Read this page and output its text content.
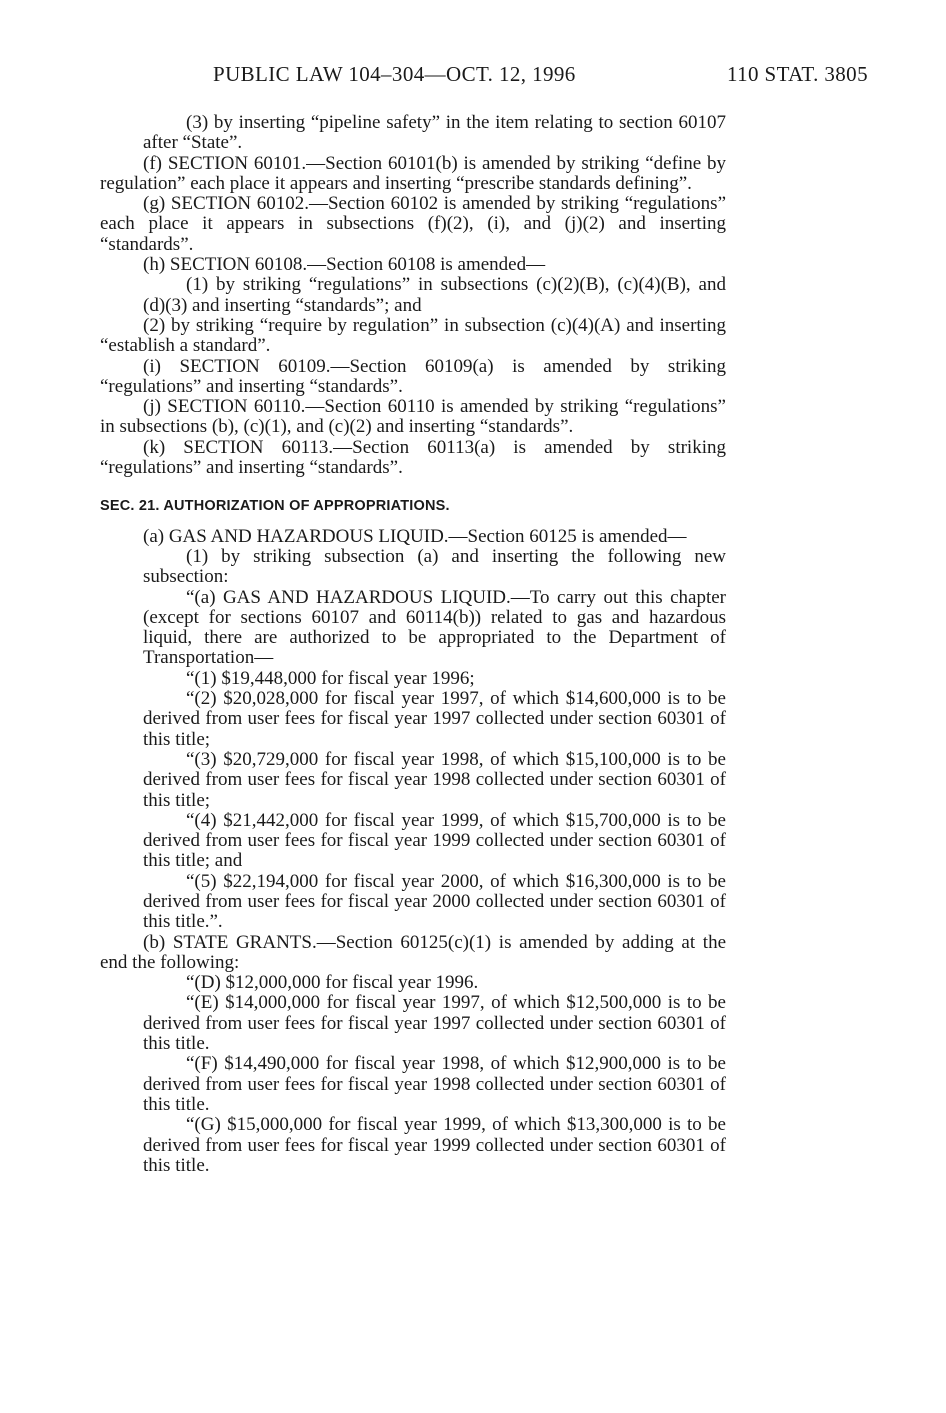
PUBLIC LAW 104–304—OCT. 12, 1996	110 STAT. 3805

(3) by inserting “pipeline safety” in the item relating to section 60107 after “State”.

(f) SECTION 60101.—Section 60101(b) is amended by striking “define by regulation” each place it appears and inserting “prescribe standards defining”.

(g) SECTION 60102.—Section 60102 is amended by striking “regulations” each place it appears in subsections (f)(2), (i), and (j)(2) and inserting “standards”.

(h) SECTION 60108.—Section 60108 is amended—

(1) by striking “regulations” in subsections (c)(2)(B), (c)(4)(B), and (d)(3) and inserting “standards”; and

(2) by striking “require by regulation” in subsection (c)(4)(A) and inserting “establish a standard”.

(i) SECTION 60109.—Section 60109(a) is amended by striking “regulations” and inserting “standards”.

(j) SECTION 60110.—Section 60110 is amended by striking “regulations” in subsections (b), (c)(1), and (c)(2) and inserting “standards”.

(k) SECTION 60113.—Section 60113(a) is amended by striking “regulations” and inserting “standards”.

SEC. 21. AUTHORIZATION OF APPROPRIATIONS.

(a) GAS AND HAZARDOUS LIQUID.—Section 60125 is amended—

(1) by striking subsection (a) and inserting the following new subsection:

“(a) GAS AND HAZARDOUS LIQUID.—To carry out this chapter (except for sections 60107 and 60114(b)) related to gas and hazardous liquid, there are authorized to be appropriated to the Department of Transportation—

“(1) $19,448,000 for fiscal year 1996;

“(2) $20,028,000 for fiscal year 1997, of which $14,600,000 is to be derived from user fees for fiscal year 1997 collected under section 60301 of this title;

“(3) $20,729,000 for fiscal year 1998, of which $15,100,000 is to be derived from user fees for fiscal year 1998 collected under section 60301 of this title;

“(4) $21,442,000 for fiscal year 1999, of which $15,700,000 is to be derived from user fees for fiscal year 1999 collected under section 60301 of this title; and

“(5) $22,194,000 for fiscal year 2000, of which $16,300,000 is to be derived from user fees for fiscal year 2000 collected under section 60301 of this title.”.

(b) STATE GRANTS.—Section 60125(c)(1) is amended by adding at the end the following:

“(D) $12,000,000 for fiscal year 1996.

“(E) $14,000,000 for fiscal year 1997, of which $12,500,000 is to be derived from user fees for fiscal year 1997 collected under section 60301 of this title.

“(F) $14,490,000 for fiscal year 1998, of which $12,900,000 is to be derived from user fees for fiscal year 1998 collected under section 60301 of this title.

“(G) $15,000,000 for fiscal year 1999, of which $13,300,000 is to be derived from user fees for fiscal year 1999 collected under section 60301 of this title.
